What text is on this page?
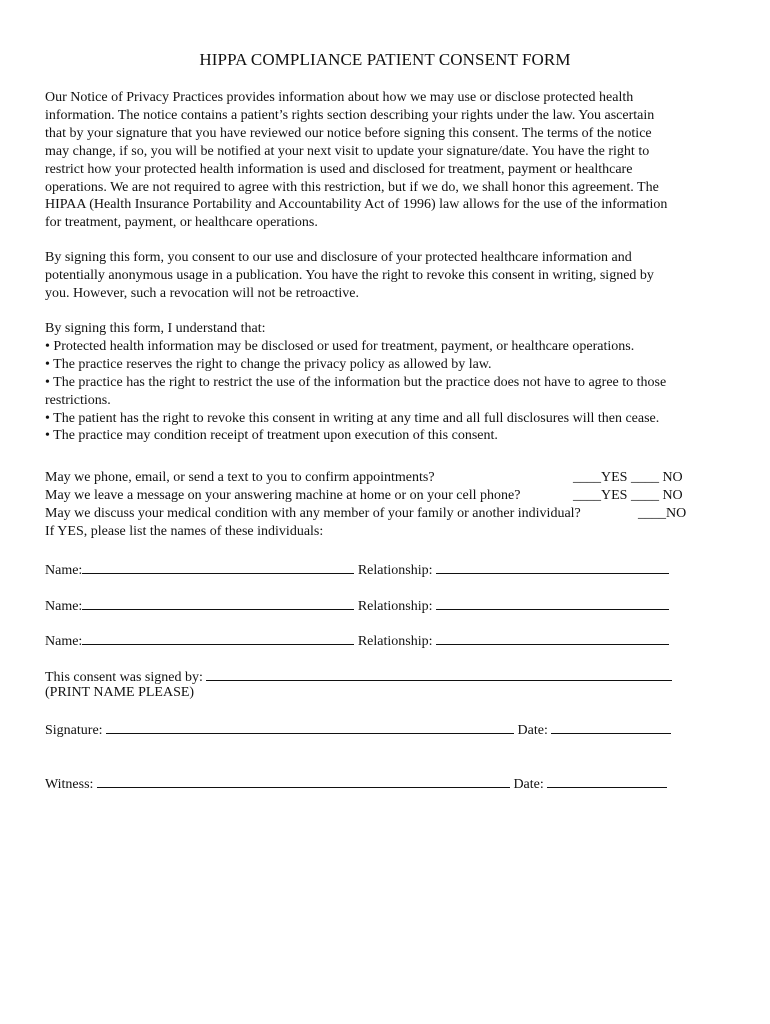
HIPPA COMPLIANCE PATIENT CONSENT FORM
Our Notice of Privacy Practices provides information about how we may use or disclose protected health
information. The notice contains a patient’s rights section describing your rights under the law. You ascertain
that by your signature that you have reviewed our notice before signing this consent. The terms of the notice
may change, if so, you will be notified at your next visit to update your signature/date. You have the right to
restrict how your protected health information is used and disclosed for treatment, payment or healthcare
operations. We are not required to agree with this restriction, but if we do, we shall honor this agreement. The
HIPAA (Health Insurance Portability and Accountability Act of 1996) law allows for the use of the information
for treatment, payment, or healthcare operations.
By signing this form, you consent to our use and disclosure of your protected healthcare information and
potentially anonymous usage in a publication. You have the right to revoke this consent in writing, signed by
you. However, such a revocation will not be retroactive.
By signing this form, I understand that:
• Protected health information may be disclosed or used for treatment, payment, or healthcare operations.
• The practice reserves the right to change the privacy policy as allowed by law.
• The practice has the right to restrict the use of the information but the practice does not have to agree to those
restrictions.
• The patient has the right to revoke this consent in writing at any time and all full disclosures will then cease.
• The practice may condition receipt of treatment upon execution of this consent.
May we phone, email, or send a text to you to confirm appointments?	____YES ____ NO
May we leave a message on your answering machine at home or on your cell phone?	____YES ____ NO
May we discuss your medical condition with any member of your family or another individual?	____NO
If YES, please list the names of these individuals:
Name:	Relationship:
Name:	Relationship:
Name:	Relationship:
This consent was signed by:
(PRINT NAME PLEASE)
Signature:	Date:
Witness:	Date:
